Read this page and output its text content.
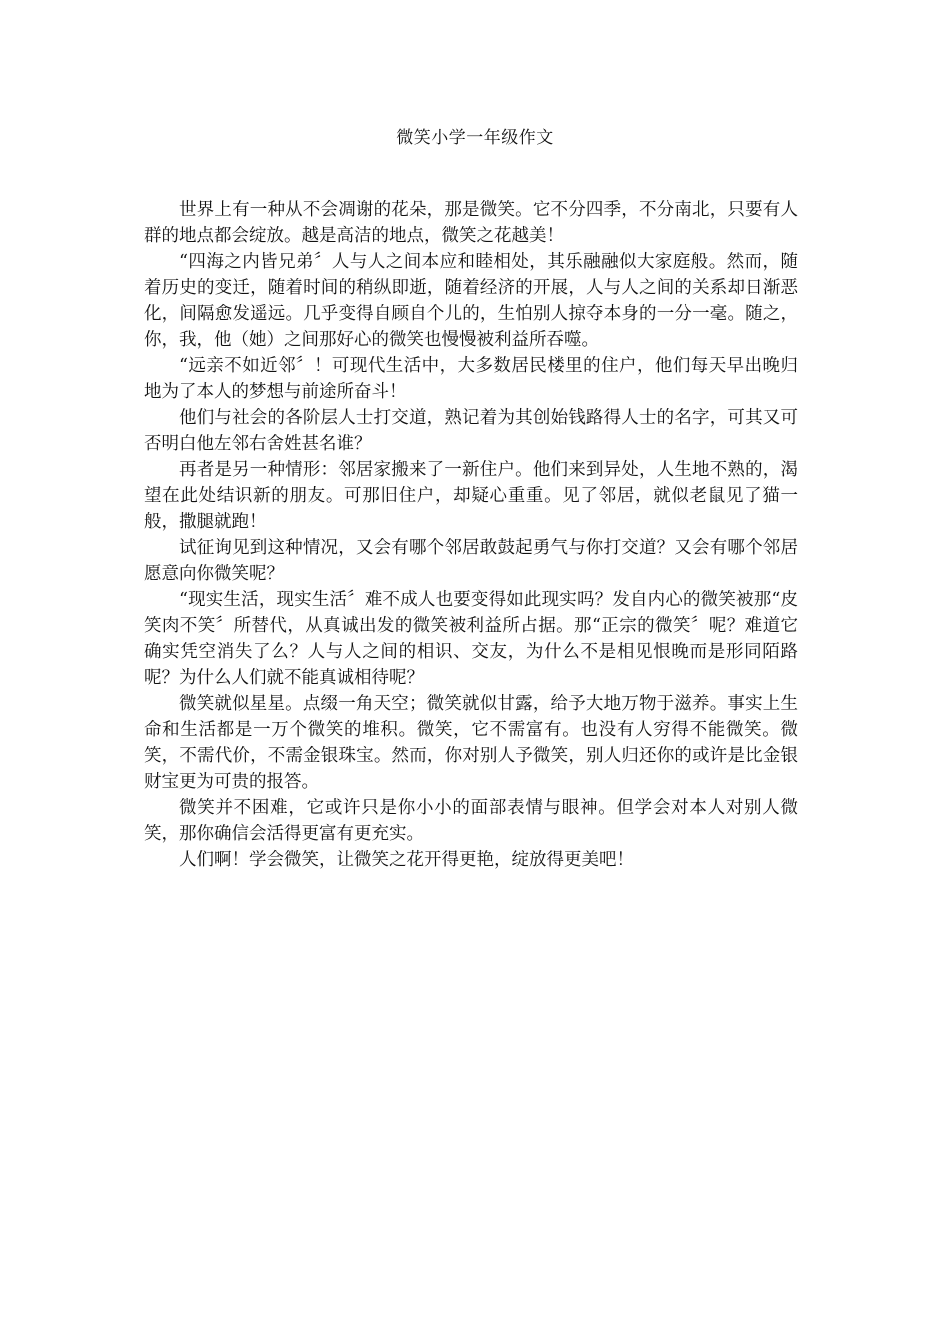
微笑小学一年级作文

世界上有一种从不会凋谢的花朵，那是微笑。它不分四季，不分南北，只要有人群的地点都会绽放。越是高洁的地点，微笑之花越美！

“四海之内皆兄弟〞人与人之间本应和睦相处，其乐融融似大家庭般。然而，随着历史的变迁，随着时间的稍纵即逝，随着经济的开展，人与人之间的关系却日渐恶化，间隔愈发遥远。几乎变得自顾自个儿的，生怕别人掠夺本身的一分一毫。随之，你，我，他（她）之间那好心的微笑也慢慢被利益所吞噬。

“远亲不如近邻〞！可现代生活中，大多数居民楼里的住户，他们每天早出晚归地为了本人的梦想与前途所奋斗！

他们与社会的各阶层人士打交道，熟记着为其创始钱路得人士的名字，可其又可否明白他左邻右舍姓甚名谁？

再者是另一种情形：邻居家搬来了一新住户。他们来到异处，人生地不熟的，渴望在此处结识新的朋友。可那旧住户，却疑心重重。见了邻居，就似老鼠见了猫一般，撒腿就跑！

试征询见到这种情况，又会有哪个邻居敢鼓起勇气与你打交道？又会有哪个邻居愿意向你微笑呢？

“现实生活，现实生活〞难不成人也要变得如此现实吗？发自内心的微笑被那“皮笑肉不笑〞所替代，从真诚出发的微笑被利益所占据。那“正宗的微笑〞呢？难道它确实凭空消失了么？人与人之间的相识、交友，为什么不是相见恨晚而是形同陌路呢？为什么人们就不能真诚相待呢？

微笑就似星星。点缀一角天空；微笑就似甘露，给予大地万物于滋养。事实上生命和生活都是一万个微笑的堆积。微笑，它不需富有。也没有人穷得不能微笑。微笑，不需代价，不需金银珠宝。然而，你对别人予微笑，别人归还你的或许是比金银财宝更为可贵的报答。

微笑并不困难，它或许只是你小小的面部表情与眼神。但学会对本人对别人微笑，那你确信会活得更富有更充实。

人们啊！学会微笑，让微笑之花开得更艳，绽放得更美吧！
